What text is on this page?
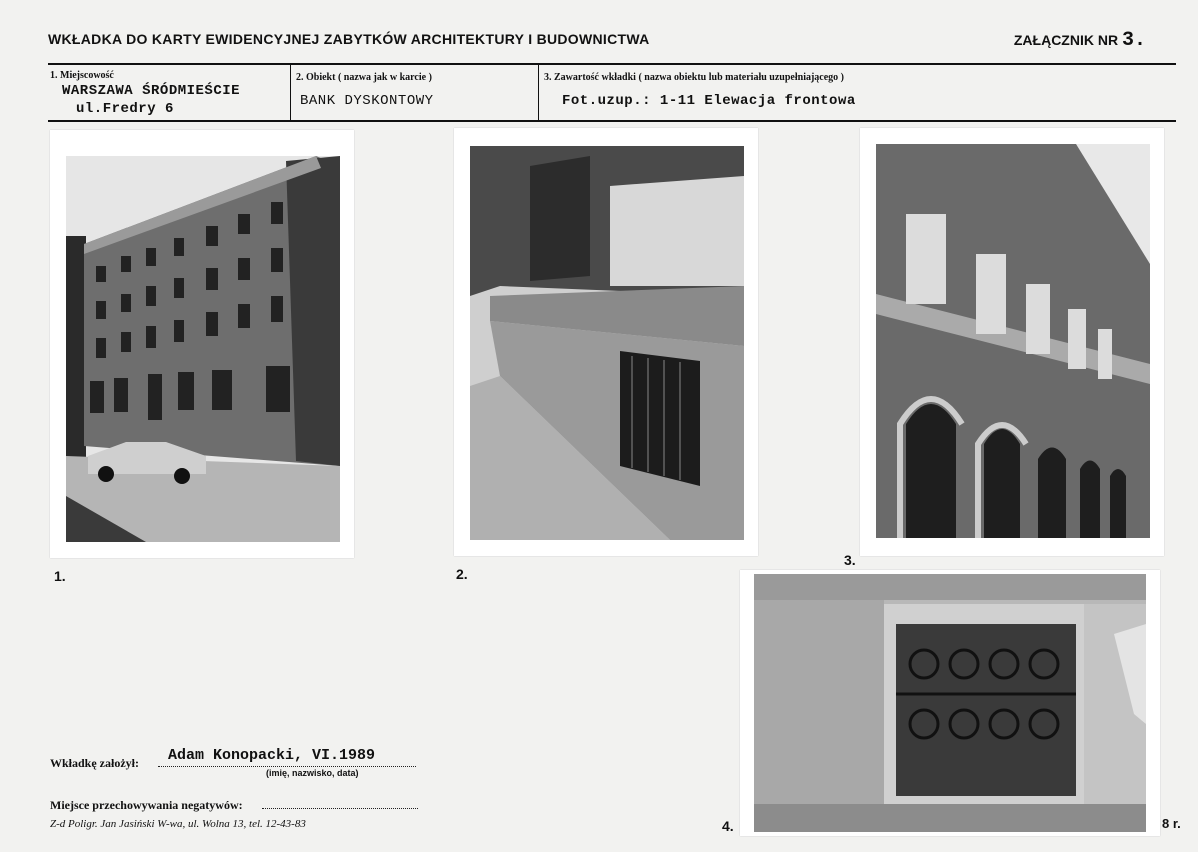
WKŁADKA DO KARTY EWIDENCYJNEJ ZABYTKÓW ARCHITEKTURY I BUDOWNICTWA	ZAŁĄCZNIK NR 3.
1. Miejscowość
WARSZAWA ŚRÓDMIEŚCIE
ul.Fredry 6
2. Obiekt ( nazwa jak w karcie )
BANK DYSKONTOWY
3. Zawartość wkładki ( nazwa obiektu lub materiału uzupełniającego )
Fot.uzup.: 1-11 Elewacja frontowa
1.	2.
3.
4.
Wkładkę założył: Adam Konopacki, VI.1989
(imię, nazwisko, data)
Miejsce przechowywania negatywów:
Z-d Poligr. Jan Jasiński W-wa, ul. Wolna 13, tel. 12-43-83	8 r.
